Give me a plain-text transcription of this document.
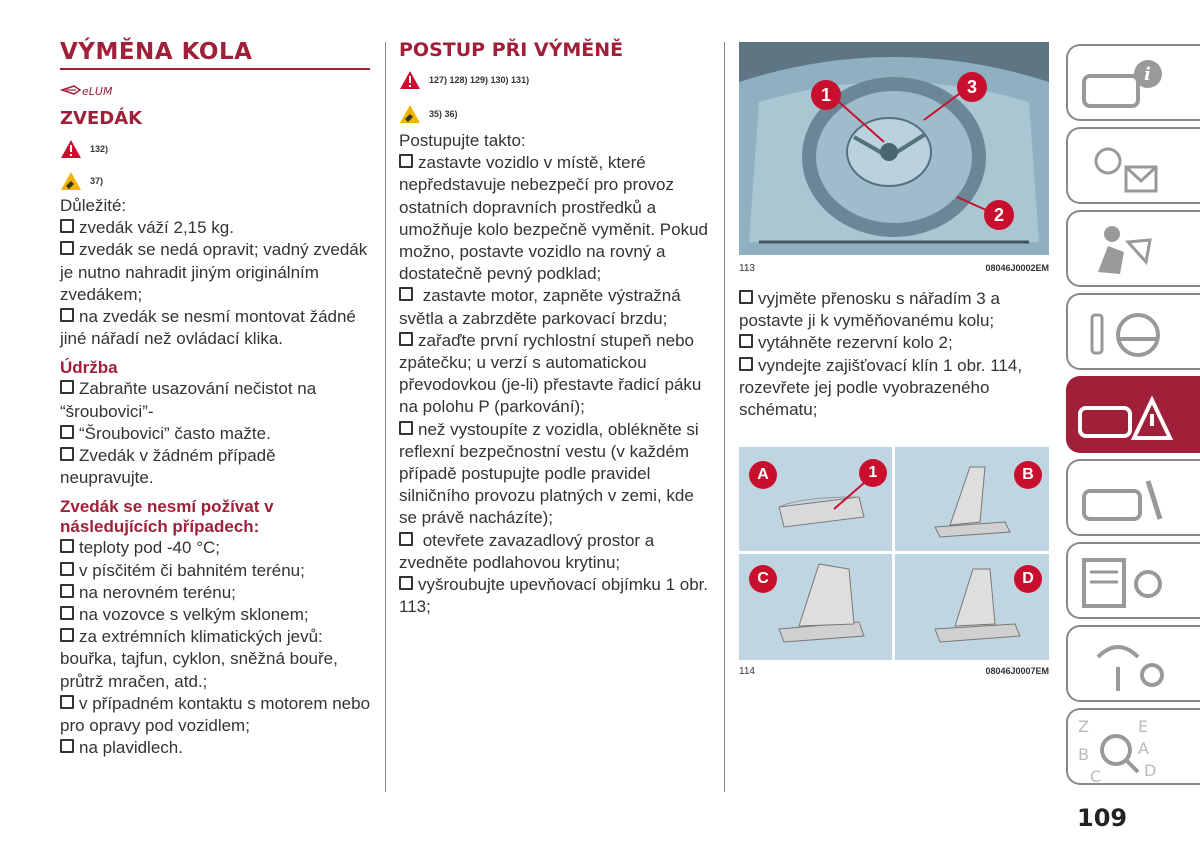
VÝMĚNA KOLA
eLUM
ZVEDÁK
132)
37)
Důležité:
zvedák váží 2,15 kg.
zvedák se nedá opravit; vadný zvedák je nutno nahradit jiným originálním zvedákem;
na zvedák se nesmí montovat žádné jiné nářadí než ovládací klika.
Údržba
Zabraňte usazování nečistot na “šroubovici”-
“Šroubovici” často mažte.
Zvedák v žádném případě neupravujte.
Zvedák se nesmí požívat v následujících případech:
teploty pod -40 °C;
v písčitém či bahnitém terénu;
na nerovném terénu;
na vozovce s velkým sklonem;
za extrémních klimatických jevů: bouřka, tajfun, cyklon, sněžná bouře, průtrž mračen, atd.;
v případném kontaktu s motorem nebo pro opravy pod vozidlem;
na plavidlech.
POSTUP PŘI VÝMĚNĚ
127) 128) 129) 130) 131)
35) 36)
Postupujte takto:
zastavte vozidlo v místě, které nepředstavuje nebezpečí pro provoz ostatních dopravních prostředků a umožňuje kolo bezpečně vyměnit. Pokud možno, postavte vozidlo na rovný a dostatečně pevný podklad;
zastavte motor, zapněte výstražná světla a zabrzděte parkovací brzdu;
zařaďte první rychlostní stupeň nebo zpátečku; u verzí s automatickou převodovkou (je-li) přestavte řadicí páku na polohu P (parkování);
než vystoupíte z vozidla, oblékněte si reflexní bezpečnostní vestu (v každém případě postupujte podle pravidel silničního provozu platných v zemi, kde se právě nacházíte);
otevřete zavazadlový prostor a zvedněte podlahovou krytinu;
vyšroubujte upevňovací objímku 1 obr. 113;
1	3
2
113	08046J0002EM
vyjměte přenosku s nářadím 3 a postavte ji k vyměňovanému kolu;
vytáhněte rezervní kolo 2;
vyndejte zajišťovací klín 1 obr. 114, rozevřete jej podle vyobrazeného schématu;
A	1	B
C	D
114	08046J0007EM
i
Z	E
B	A
C	D
109
